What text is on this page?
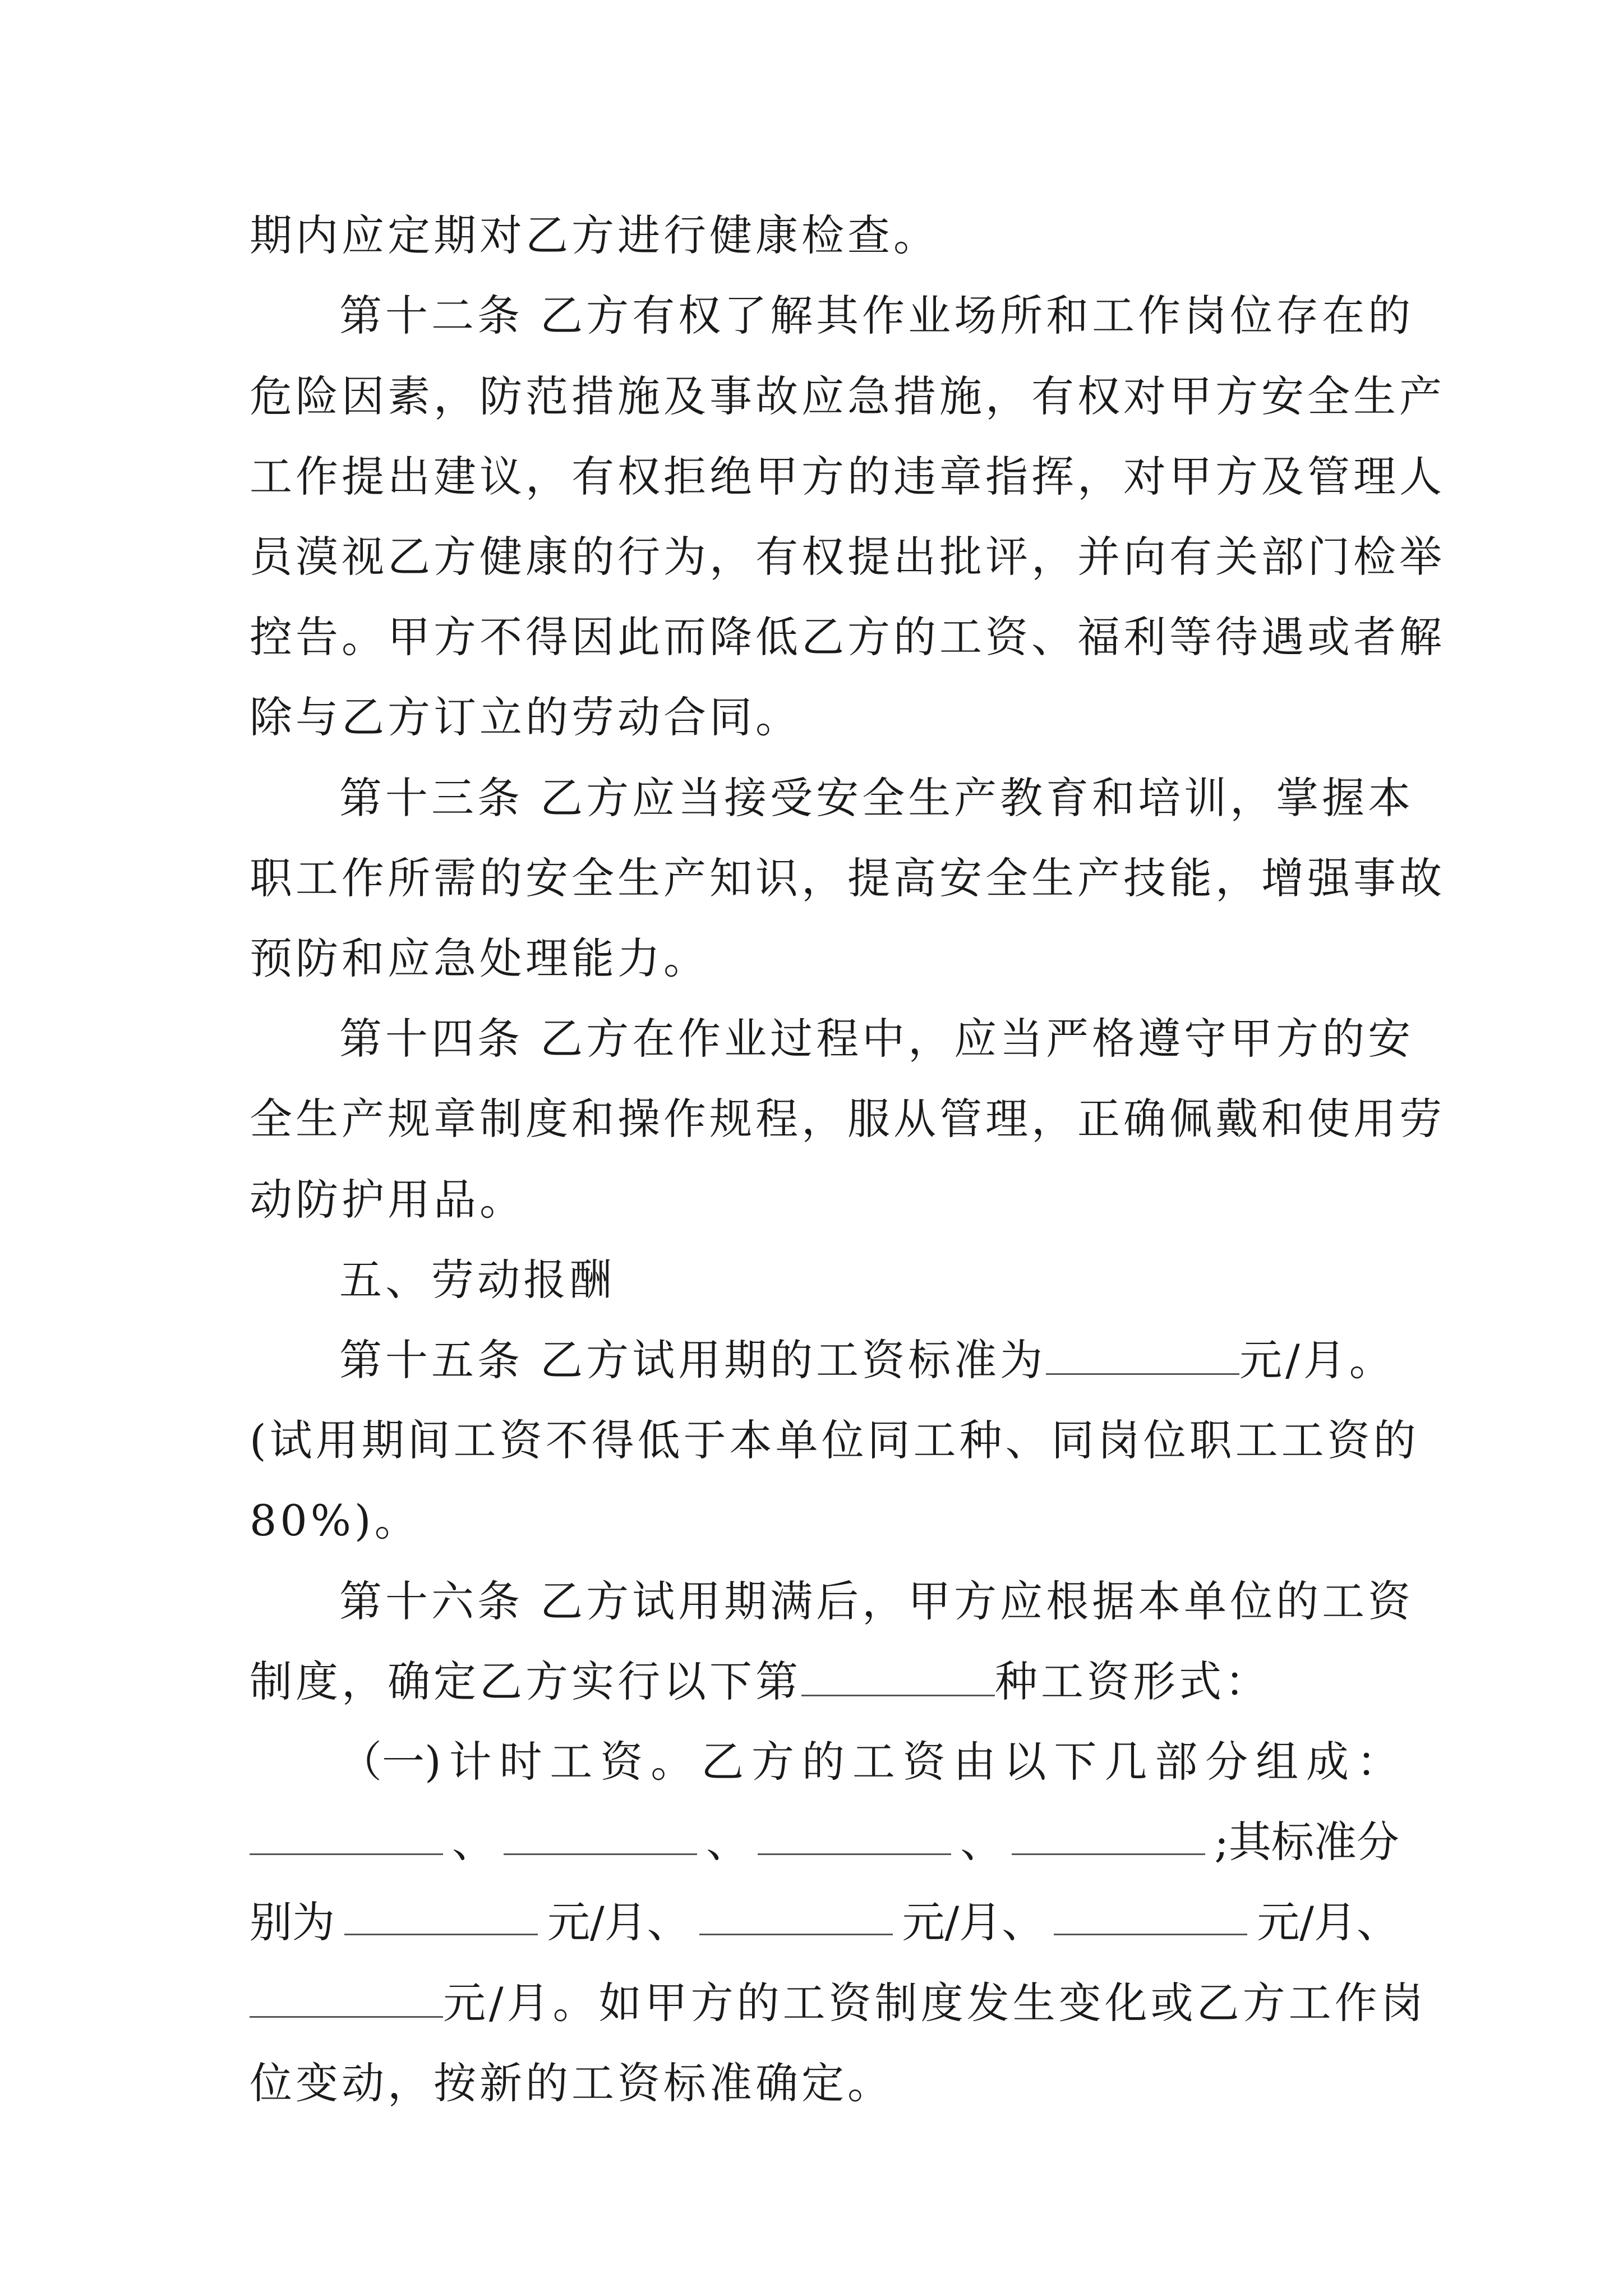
期内应定期对乙方进行健康检查。
第十二条 乙方有权了解其作业场所和工作岗位存在的
危险因素，防范措施及事故应急措施，有权对甲方安全生产
工作提出建议，有权拒绝甲方的违章指挥，对甲方及管理人
员漠视乙方健康的行为，有权提出批评，并向有关部门检举
控告。甲方不得因此而降低乙方的工资、福利等待遇或者解
除与乙方订立的劳动合同。
第十三条 乙方应当接受安全生产教育和培训，掌握本
职工作所需的安全生产知识，提高安全生产技能，增强事故
预防和应急处理能力。
第十四条 乙方在作业过程中，应当严格遵守甲方的安
全生产规章制度和操作规程，服从管理，正确佩戴和使用劳
动防护用品。
五、劳动报酬
第十五条 乙方试用期的工资标准为	元/月。
(试用期间工资不得低于本单位同工种、同岗位职工工资的
80%)。
第十六条 乙方试用期满后，甲方应根据本单位的工资
制度，确定乙方实行以下第	种工资形式：
（一) 计 时 工 资 。 乙 方 的 工 资 由 以 下 几 部 分 组 成 ：
、	、	、	;其标准分
别为	元/月、	元/月、	元/月、
元/月。如甲方的工资制度发生变化或乙方工作岗
位变动，按新的工资标准确定。
